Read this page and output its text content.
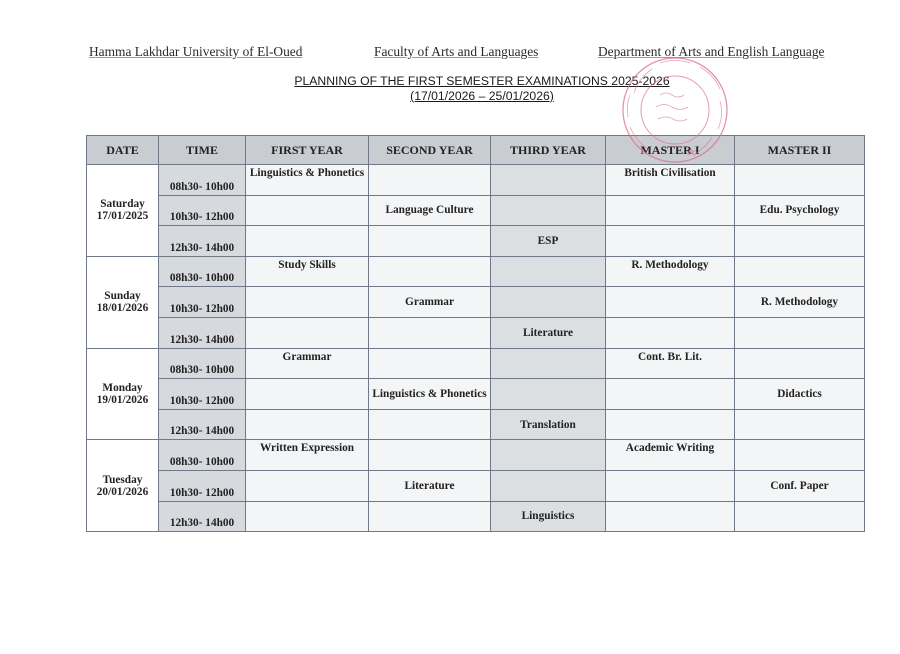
Hamma Lakhdar University of El-Oued	Faculty of Arts and Languages	Department of Arts and English Language
PLANNING OF THE FIRST SEMESTER EXAMINATIONS 2025-2026
(17/01/2026 – 25/01/2026)
DATE	TIME	FIRST YEAR	SECOND YEAR	THIRD YEAR	MASTER I	MASTER II

Saturday
17/01/2025	08h30- 10h00	Linguistics & Phonetics			British Civilisation	
	10h30- 12h00		Language Culture			Edu. Psychology
	12h30- 14h00			ESP		

Sunday
18/01/2026	08h30- 10h00	Study Skills			R. Methodology	
	10h30- 12h00		Grammar			R. Methodology
	12h30- 14h00			Literature		

Monday
19/01/2026	08h30- 10h00	Grammar			Cont. Br. Lit.	
	10h30- 12h00		Linguistics & Phonetics			Didactics
	12h30- 14h00			Translation		

Tuesday
20/01/2026	08h30- 10h00	Written Expression			Academic Writing	
	10h30- 12h00		Literature			Conf. Paper
	12h30- 14h00			Linguistics		
